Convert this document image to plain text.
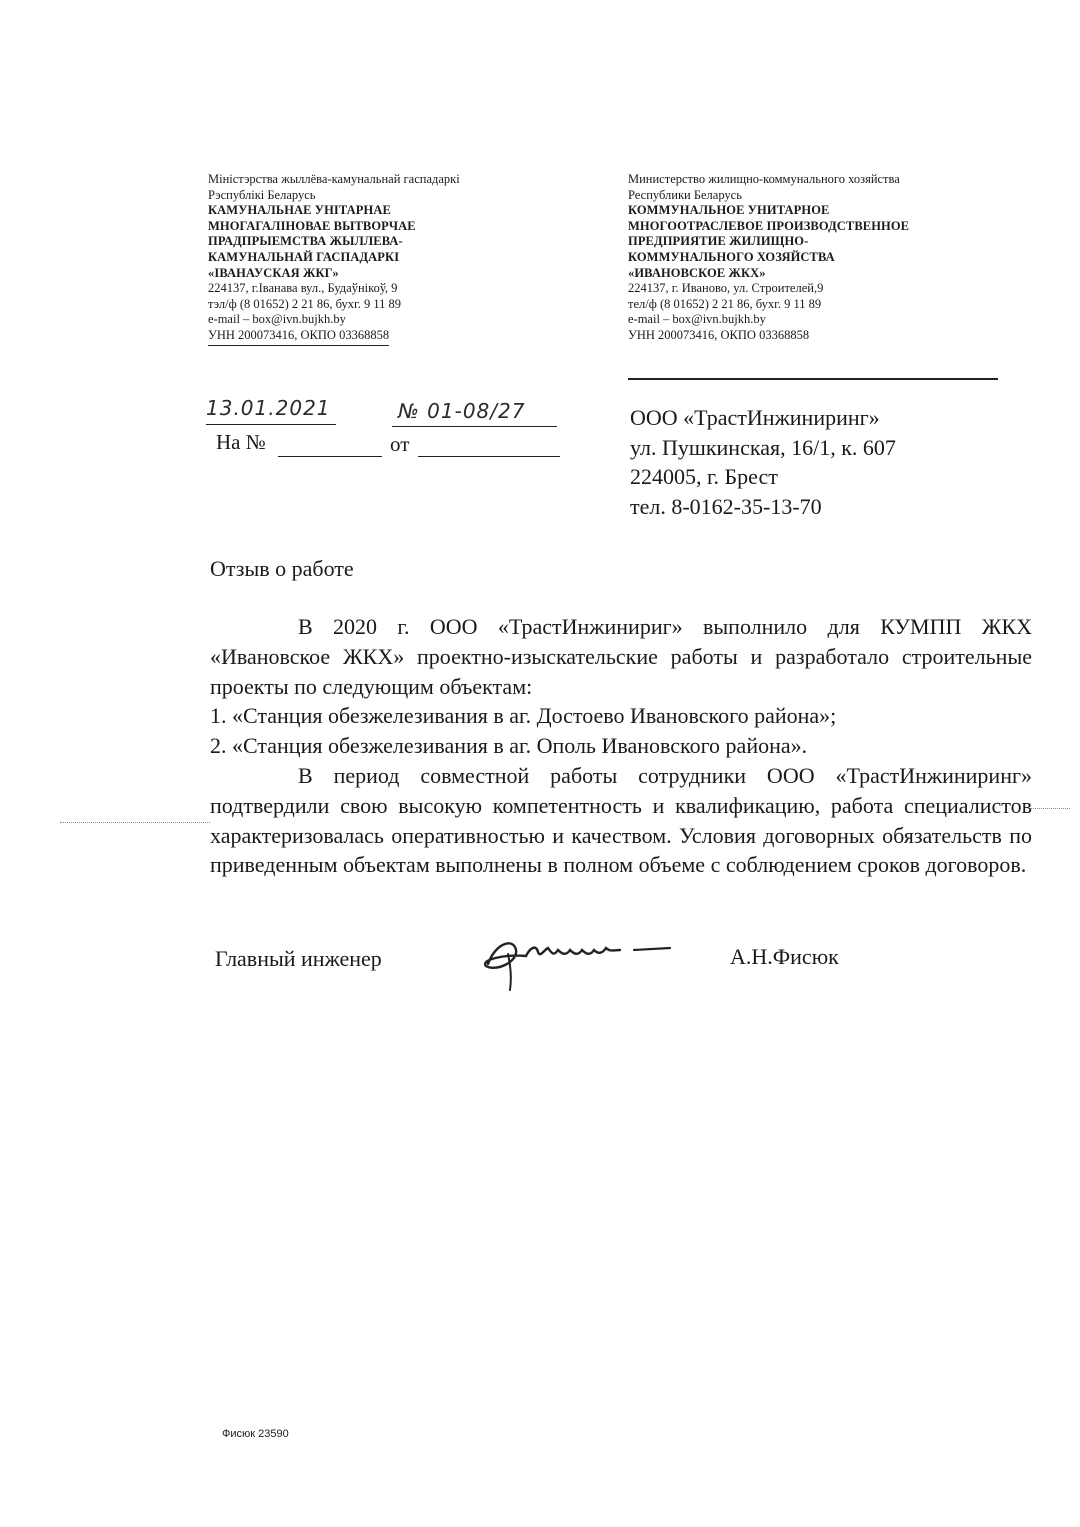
Міністэрства жыллёва-камунальнай гаспадаркі
Рэспублікі Беларусь
КАМУНАЛЬНАЕ УНІТАРНАЕ
МНОГАГАЛІНОВАЕ ВЫТВОРЧАЕ
ПРАДПРЫЕМСТВА ЖЫЛЛЕВА-
КАМУНАЛЬНАЙ ГАСПАДАРКІ
«ІВАНАУСКАЯ ЖКГ»
224137, г.Іванава вул., Будаўнікоў, 9
тэл/ф (8 01652) 2 21 86, бухг. 9 11 89
e-mail – box@ivn.bujkh.by
УНН 200073416, ОКПО 03368858
Министерство жилищно-коммунального хозяйства
Республики Беларусь
КОММУНАЛЬНОЕ УНИТАРНОЕ
МНОГООТРАСЛЕВОЕ ПРОИЗВОДСТВЕННОЕ
ПРЕДПРИЯТИЕ ЖИЛИЩНО-
КОММУНАЛЬНОГО ХОЗЯЙСТВА
«ИВАНОВСКОЕ ЖКХ»
224137, г. Иваново, ул. Строителей,9
тел/ф (8 01652) 2 21 86, бухг. 9 11 89
e-mail – box@ivn.bujkh.by
УНН 200073416, ОКПО 03368858
13.01.2021	№ 01-08/27
На №	от
ООО «ТрастИнжиниринг»
ул. Пушкинская, 16/1, к. 607
224005, г. Брест
тел. 8-0162-35-13-70
Отзыв о работе

В 2020 г. ООО «ТрастИнжинириг» выполнило для КУМПП ЖКХ «Ивановское ЖКХ» проектно-изыскательские работы и разработало строительные проекты по следующим объектам:

1. «Станция обезжелезивания в аг. Достоево Ивановского района»;

2. «Станция обезжелезивания в аг. Ополь Ивановского района».

В период совместной работы сотрудники ООО «ТрастИнжиниринг» подтвердили свою высокую компетентность и квалификацию, работа специалистов характеризовалась оперативностью и качеством. Условия договорных обязательств по приведенным объектам выполнены в полном объеме с соблюдением сроков договоров.

Главный инженер	А.Н.Фисюк
Фисюк 23590
